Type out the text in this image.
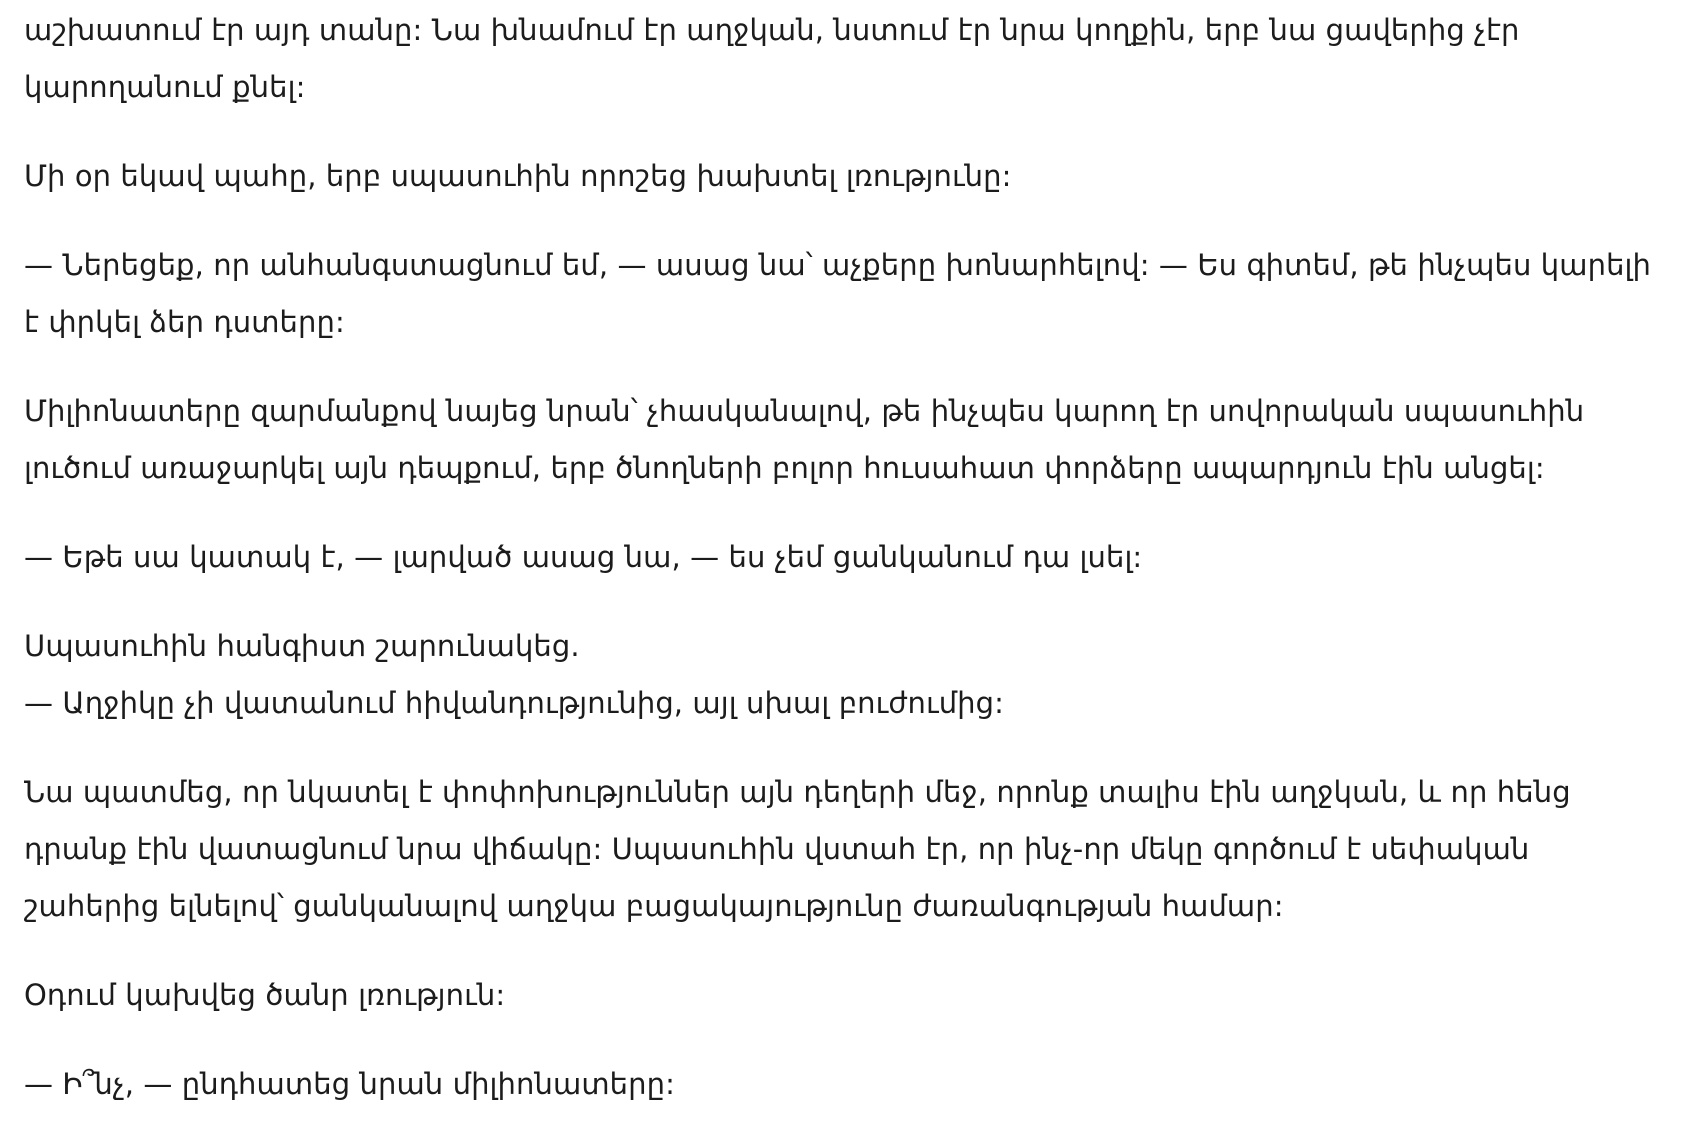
աշխատում էր այդ տանը: Նա խնամում էր աղջկան, նստում էր նրա կողքին, երբ նա ցավերից չէր կարողանում քնել:

Մի օր եկավ պահը, երբ սպասուհին որոշեց խախտել լռությունը:

— Ներեցեք, որ անհանգստացնում եմ, — ասաց նա՝ աչքերը խոնարհելով: — Ես գիտեմ, թե ինչպես կարելի է փրկել ձեր դստերը:

Միլիոնատերը զարմանքով նայեց նրան՝ չհասկանալով, թե ինչպես կարող էր սովորական սպասուհին լուծում առաջարկել այն դեպքում, երբ ծնողների բոլոր հուսահատ փորձերը ապարդյուն էին անցել:

— Եթե սա կատակ է, — լարված ասաց նա, — ես չեմ ցանկանում դա լսել:

Սպասուհին հանգիստ շարունակեց.

— Աղջիկը չի վատանում հիվանդությունից, այլ սխալ բուժումից:

Նա պատմեց, որ նկատել է փոփոխություններ այն դեղերի մեջ, որոնք տալիս էին աղջկան, և որ հենց դրանք էին վատացնում նրա վիճակը: Սպասուհին վստահ էր, որ ինչ-որ մեկը գործում է սեփական շահերից ելնելով՝ ցանկանալով աղջկա բացակայությունը ժառանգության համար:

Օդում կախվեց ծանր լռություն:

— Ի՞նչ, — ընդհատեց նրան միլիոնատերը:
